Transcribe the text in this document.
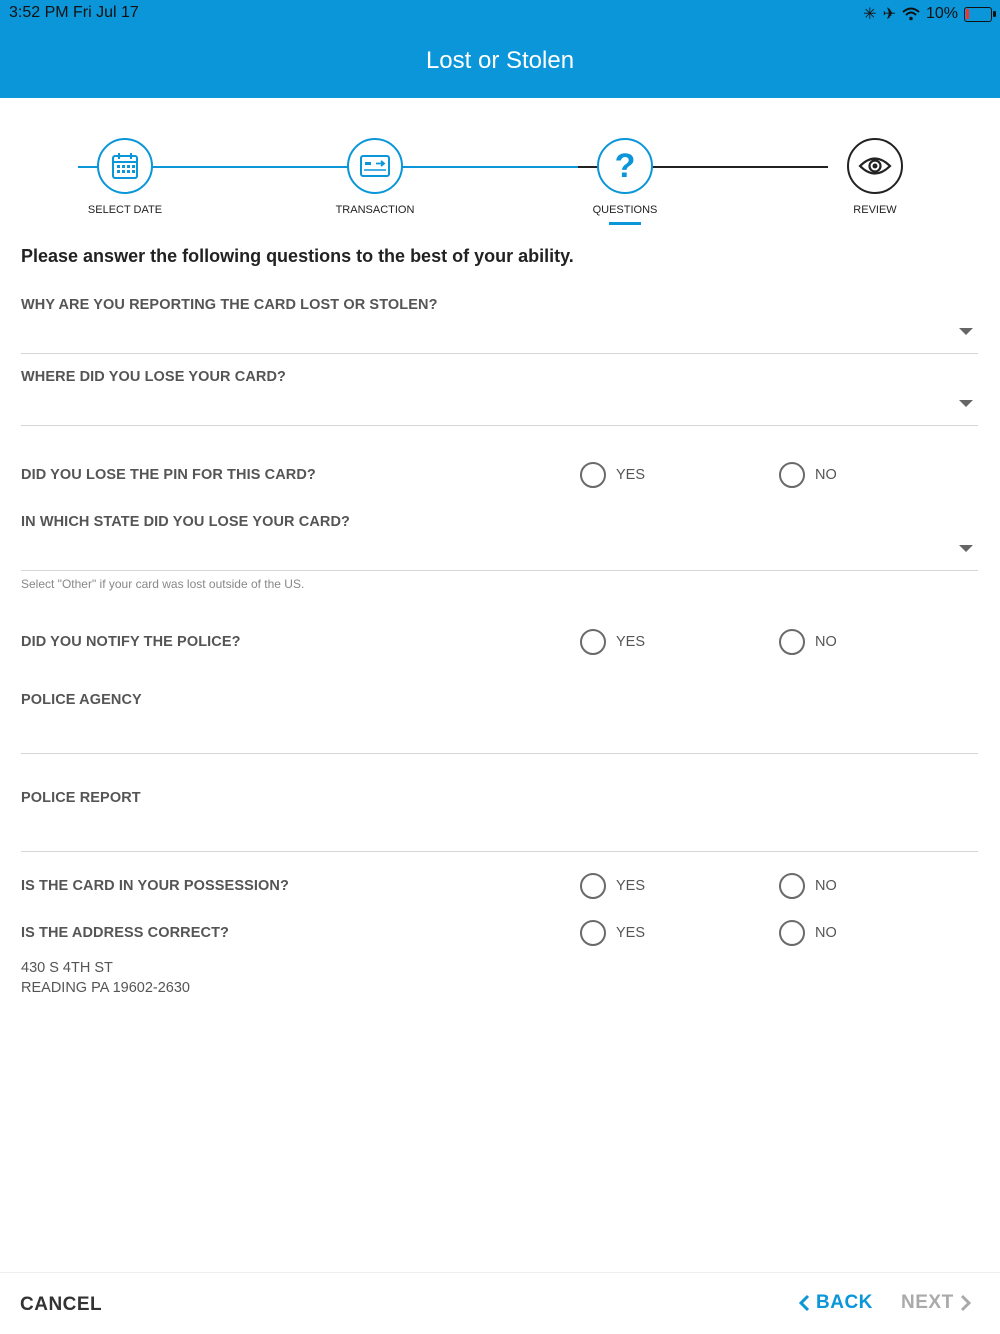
3:52 PM Fri Jul 17	✳ ✈ 10%
Lost or Stolen
SELECT DATE	TRANSACTION
?
QUESTIONS	REVIEW
Please answer the following questions to the best of your ability.
WHY ARE YOU REPORTING THE CARD LOST OR STOLEN?
WHERE DID YOU LOSE YOUR CARD?
DID YOU LOSE THE PIN FOR THIS CARD?	YES	NO
IN WHICH STATE DID YOU LOSE YOUR CARD?
Select "Other" if your card was lost outside of the US.
DID YOU NOTIFY THE POLICE?	YES	NO
POLICE AGENCY
POLICE REPORT
IS THE CARD IN YOUR POSSESSION?	YES	NO
IS THE ADDRESS CORRECT?	YES	NO
430 S 4TH ST
READING PA 19602-2630
CANCEL	BACK NEXT
